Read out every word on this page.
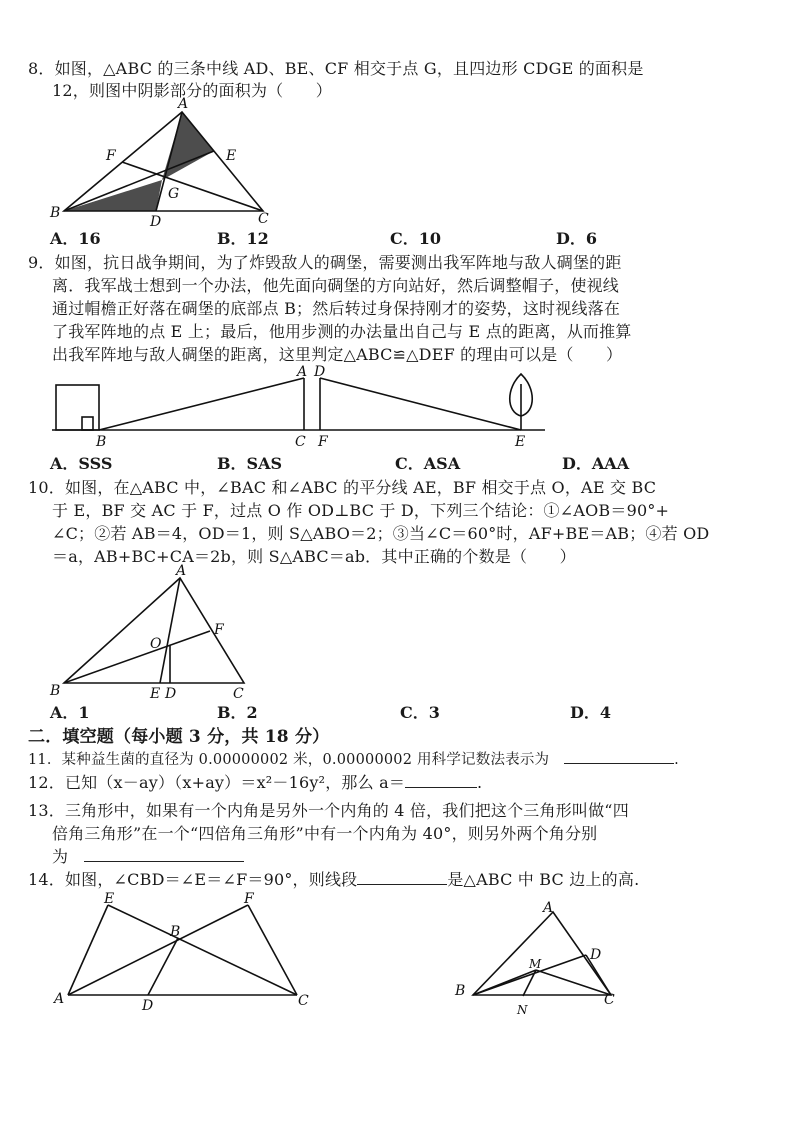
8．如图，△ABC 的三条中线 AD、BE、CF 相交于点 G，且四边形 CDGE 的面积是
12，则图中阴影部分的面积为（　　）
A
B	C
D
E
F
G
A．16	B．12	C．10	D．6
9．如图，抗日战争期间，为了炸毁敌人的碉堡，需要测出我军阵地与敌人碉堡的距
离．我军战士想到一个办法，他先面向碉堡的方向站好，然后调整帽子，使视线
通过帽檐正好落在碉堡的底部点 B；然后转过身保持刚才的姿势，这时视线落在
了我军阵地的点 E 上；最后，他用步测的办法量出自己与 E 点的距离，从而推算
出我军阵地与敌人碉堡的距离，这里判定△ABC≌△DEF 的理由可以是（　　）
A D
B	C F	E
A．SSS	B．SAS	C．ASA	D．AAA
10．如图，在△ABC 中，∠BAC 和∠ABC 的平分线 AE，BF 相交于点 O，AE 交 BC
于 E，BF 交 AC 于 F，过点 O 作 OD⊥BC 于 D，下列三个结论：①∠AOB＝90°+
∠C；②若 AB＝4，OD＝1，则 S△ABO＝2；③当∠C＝60°时，AF+BE＝AB；④若 OD
＝a，AB+BC+CA＝2b，则 S△ABC＝ab．其中正确的个数是（　　）
A
O
F
B	E D	C
A．1	B．2	C．3	D．4
二．填空题（每小题 3 分，共 18 分）
11．某种益生菌的直径为 0.00000002 米，0.00000002 用科学记数法表示为	.
12．已知（x－ay）（x+ay）＝x²－16y²，那么 a＝	.
13．三角形中，如果有一个内角是另外一个内角的 4 倍，我们把这个三角形叫做“四
倍角三角形”在一个“四倍角三角形”中有一个内角为 40°，则另外两个角分别
为
14．如图，∠CBD＝∠E＝∠F＝90°，则线段	是△ABC 中 BC 边上的高.
E	F
B
A	D	C
A
D
M
B
C
N
